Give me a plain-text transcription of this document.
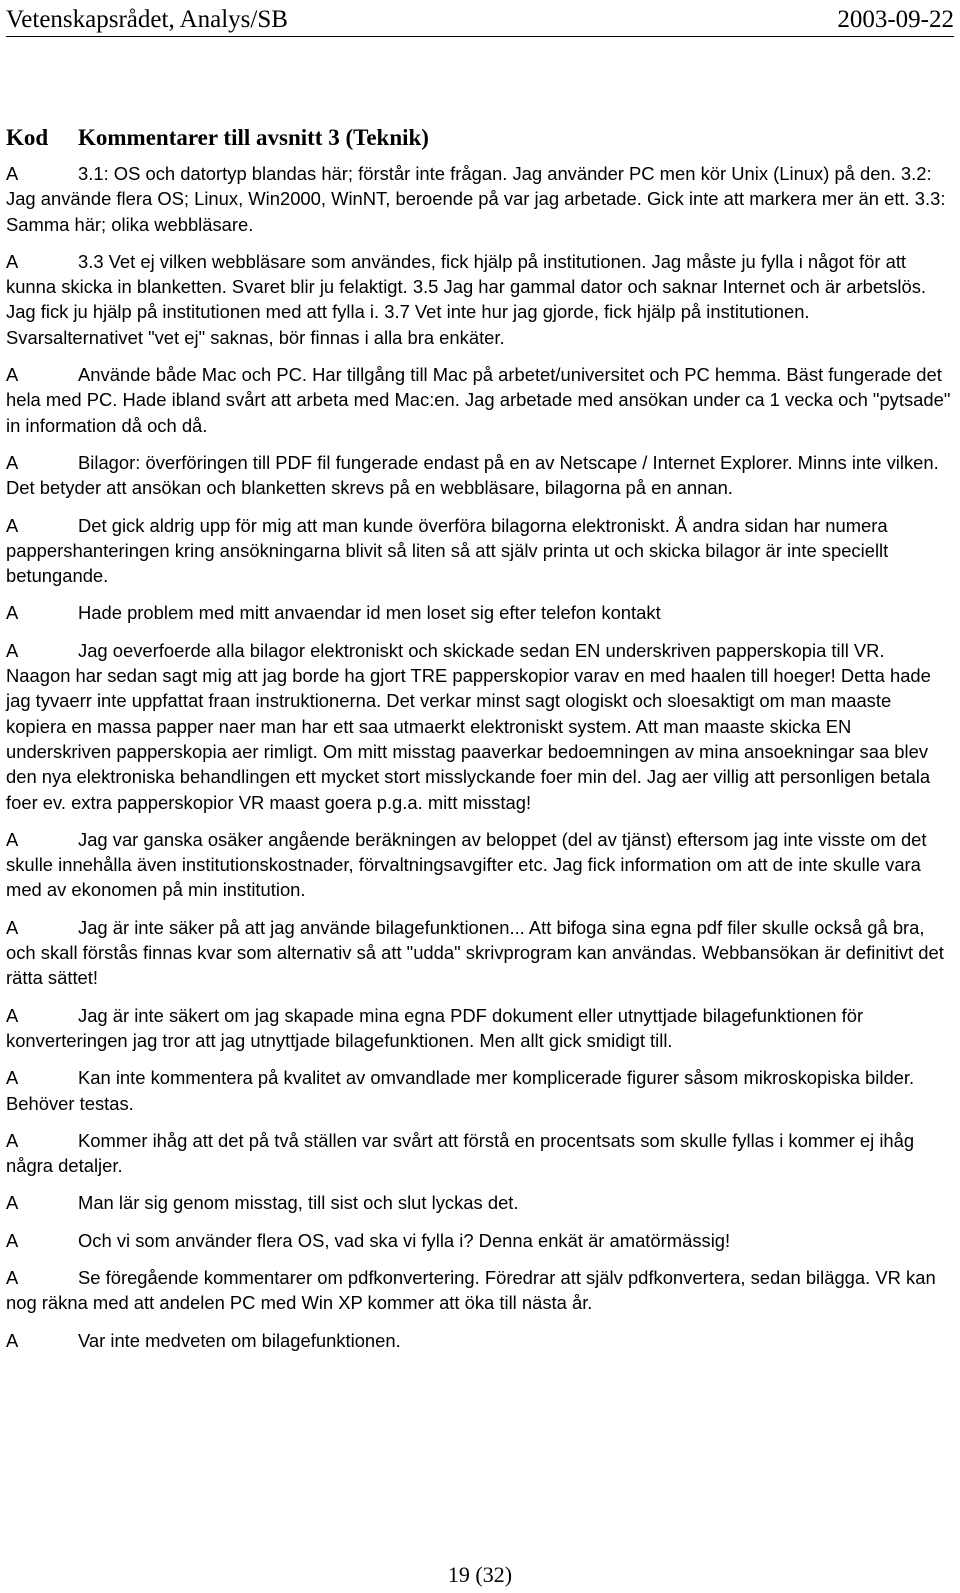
Vetenskapsrådet, Analys/SB	2003-09-22
Kod Kommentarer till avsnitt 3 (Teknik)

A	3.1: OS och datortyp blandas här; förstår inte frågan. Jag använder PC men kör Unix (Linux) på den. 3.2: Jag använde flera OS; Linux, Win2000, WinNT, beroende på var jag arbetade. Gick inte att markera mer än ett. 3.3: Samma här; olika webbläsare.

A	3.3 Vet ej vilken webbläsare som användes, fick hjälp på institutionen. Jag måste ju fylla i något för att kunna skicka in blanketten. Svaret blir ju felaktigt. 3.5 Jag har gammal dator och saknar Internet och är arbetslös. Jag fick ju hjälp på institutionen med att fylla i. 3.7 Vet inte hur jag gjorde, fick hjälp på institutionen. Svarsalternativet "vet ej" saknas, bör finnas i alla bra enkäter.

A	Använde både Mac och PC. Har tillgång till Mac på arbetet/universitet och PC hemma. Bäst fungerade det hela med PC. Hade ibland svårt att arbeta med Mac:en. Jag arbetade med ansökan under ca 1 vecka och "pytsade" in information då och då.

A	Bilagor: överföringen till PDF fil fungerade endast på en av Netscape / Internet Explorer. Minns inte vilken. Det betyder att ansökan och blanketten skrevs på en webbläsare, bilagorna på en annan.

A	Det gick aldrig upp för mig att man kunde överföra bilagorna elektroniskt. Å andra sidan har numera pappershanteringen kring ansökningarna blivit så liten så att själv printa ut och skicka bilagor är inte speciellt betungande.

A	Hade problem med mitt anvaendar id men loset sig efter telefon kontakt

A	Jag oeverfoerde alla bilagor elektroniskt och skickade sedan EN underskriven papperskopia till VR. Naagon har sedan sagt mig att jag borde ha gjort TRE papperskopior varav en med haalen till hoeger! Detta hade jag tyvaerr inte uppfattat fraan instruktionerna. Det verkar minst sagt ologiskt och sloesaktigt om man maaste kopiera en massa papper naer man har ett saa utmaerkt elektroniskt system. Att man maaste skicka EN underskriven papperskopia aer rimligt. Om mitt misstag paaverkar bedoemningen av mina ansoekningar saa blev den nya elektroniska behandlingen ett mycket stort misslyckande foer min del. Jag aer villig att personligen betala foer ev. extra papperskopior VR maast goera p.g.a. mitt misstag!

A	Jag var ganska osäker angående beräkningen av beloppet (del av tjänst) eftersom jag inte visste om det skulle innehålla även institutionskostnader, förvaltningsavgifter etc. Jag fick information om att de inte skulle vara med av ekonomen på min institution.

A	Jag är inte säker på att jag använde bilagefunktionen... Att bifoga sina egna pdf filer skulle också gå bra, och skall förstås finnas kvar som alternativ så att "udda" skrivprogram kan användas. Webbansökan är definitivt det rätta sättet!

A	Jag är inte säkert om jag skapade mina egna PDF dokument eller utnyttjade bilagefunktionen för konverteringen jag tror att jag utnyttjade bilagefunktionen. Men allt gick smidigt till.

A	Kan inte kommentera på kvalitet av omvandlade mer komplicerade figurer såsom mikroskopiska bilder. Behöver testas.

A	Kommer ihåg att det på två ställen var svårt att förstå en procentsats som skulle fyllas i kommer ej ihåg några detaljer.

A	Man lär sig genom misstag, till sist och slut lyckas det.

A	Och vi som använder flera OS, vad ska vi fylla i? Denna enkät är amatörmässig!

A	Se föregående kommentarer om pdfkonvertering. Föredrar att själv pdfkonvertera, sedan bilägga. VR kan nog räkna med att andelen PC med Win XP kommer att öka till nästa år.

A	Var inte medveten om bilagefunktionen.

19 (32)
